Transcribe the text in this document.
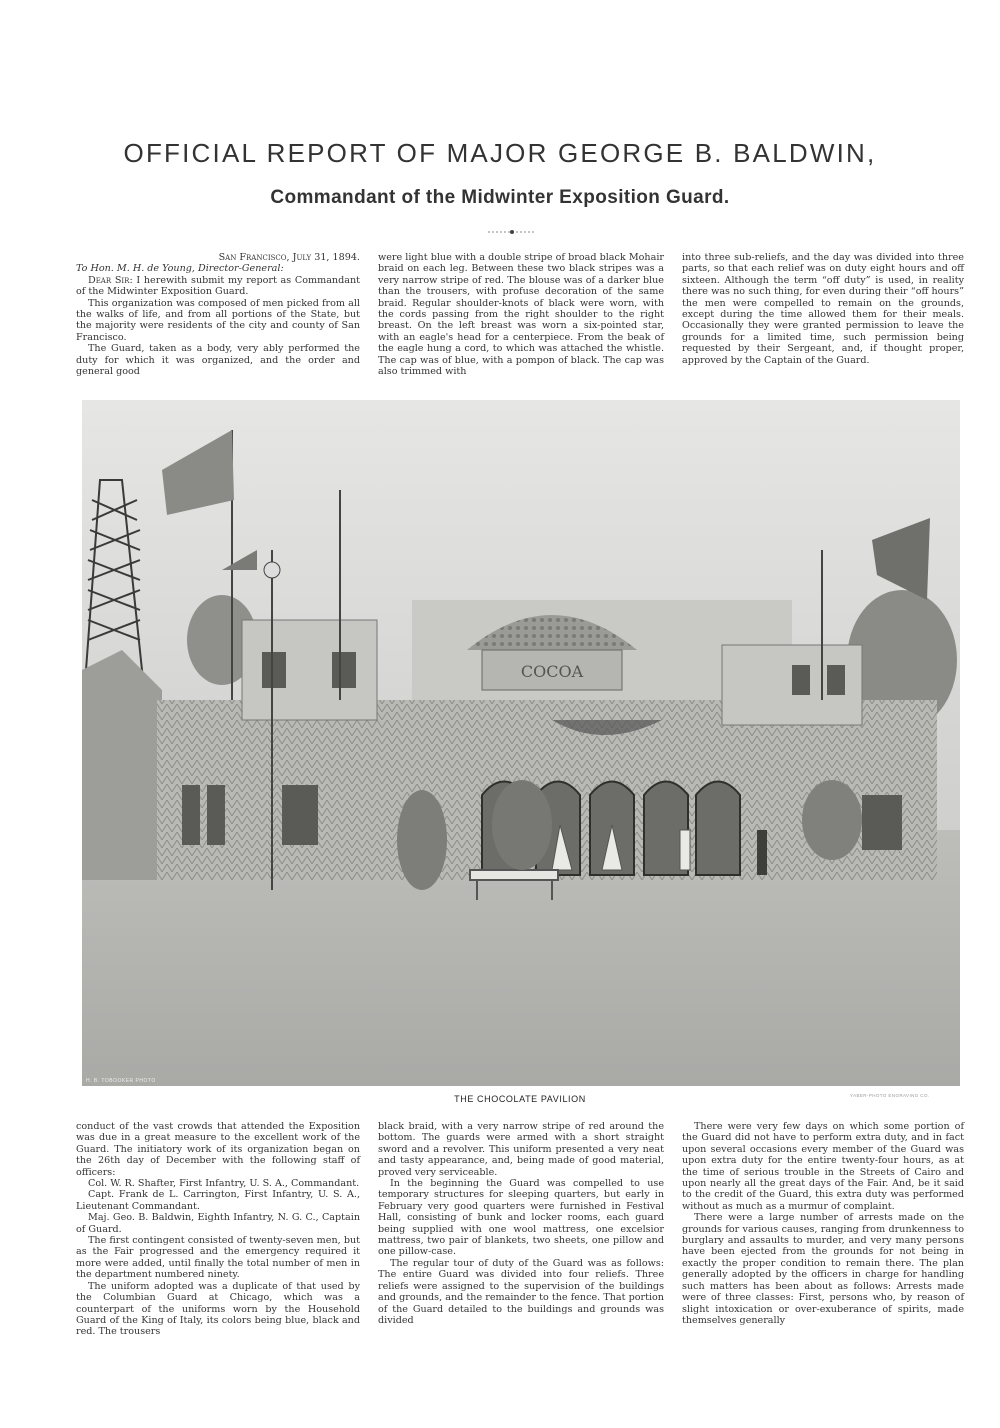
OFFICIAL REPORT OF MAJOR GEORGE B. BALDWIN,
Commandant of the Midwinter Exposition Guard.

San Francisco, July 31, 1894.

To Hon. M. H. de Young, Director-General:

Dear Sir: I herewith submit my report as Commandant of the Midwinter Exposition Guard.

This organization was composed of men picked from all the walks of life, and from all portions of the State, but the majority were residents of the city and county of San Francisco.

The Guard, taken as a body, very ably performed the duty for which it was organized, and the order and general good

were light blue with a double stripe of broad black Mohair braid on each leg. Between these two black stripes was a very narrow stripe of red. The blouse was of a darker blue than the trousers, with profuse decoration of the same braid. Regular shoulder-knots of black were worn, with the cords passing from the right shoulder to the right breast. On the left breast was worn a six-pointed star, with an eagle's head for a centerpiece. From the beak of the eagle hung a cord, to which was attached the whistle. The cap was of blue, with a pompon of black. The cap was also trimmed with

into three sub-reliefs, and the day was divided into three parts, so that each relief was on duty eight hours and off sixteen. Although the term “off duty” is used, in reality there was no such thing, for even during their “off hours” the men were compelled to remain on the grounds, except during the time allowed them for their meals. Occasionally they were granted permission to leave the grounds for a limited time, such permission being requested by their Sergeant, and, if thought proper, approved by the Captain of the Guard.

COCOA
H. B. TOBOOKER PHOTO
YABER-PHOTO ENGRAVING CO.
THE CHOCOLATE PAVILION

conduct of the vast crowds that attended the Exposition was due in a great measure to the excellent work of the Guard. The initiatory work of its organization began on the 26th day of December with the following staff of officers:

Col. W. R. Shafter, First Infantry, U. S. A., Commandant.

Capt. Frank de L. Carrington, First Infantry, U. S. A., Lieutenant Commandant.

Maj. Geo. B. Baldwin, Eighth Infantry, N. G. C., Captain of Guard.

The first contingent consisted of twenty-seven men, but as the Fair progressed and the emergency required it more were added, until finally the total number of men in the department numbered ninety.

The uniform adopted was a duplicate of that used by the Columbian Guard at Chicago, which was a counterpart of the uniforms worn by the Household Guard of the King of Italy, its colors being blue, black and red. The trousers

black braid, with a very narrow stripe of red around the bottom. The guards were armed with a short straight sword and a revolver. This uniform presented a very neat and tasty appearance, and, being made of good material, proved very serviceable.

In the beginning the Guard was compelled to use temporary structures for sleeping quarters, but early in February very good quarters were furnished in Festival Hall, consisting of bunk and locker rooms, each guard being supplied with one wool mattress, one excelsior mattress, two pair of blankets, two sheets, one pillow and one pillow-case.

The regular tour of duty of the Guard was as follows: The entire Guard was divided into four reliefs. Three reliefs were assigned to the supervision of the buildings and grounds, and the remainder to the fence. That portion of the Guard detailed to the buildings and grounds was divided

There were very few days on which some portion of the Guard did not have to perform extra duty, and in fact upon several occasions every member of the Guard was upon extra duty for the entire twenty-four hours, as at the time of serious trouble in the Streets of Cairo and upon nearly all the great days of the Fair. And, be it said to the credit of the Guard, this extra duty was performed without as much as a murmur of complaint.

There were a large number of arrests made on the grounds for various causes, ranging from drunkenness to burglary and assaults to murder, and very many persons have been ejected from the grounds for not being in exactly the proper condition to remain there. The plan generally adopted by the officers in charge for handling such matters has been about as follows: Arrests made were of three classes: First, persons who, by reason of slight intoxication or over-exuberance of spirits, made themselves generally
